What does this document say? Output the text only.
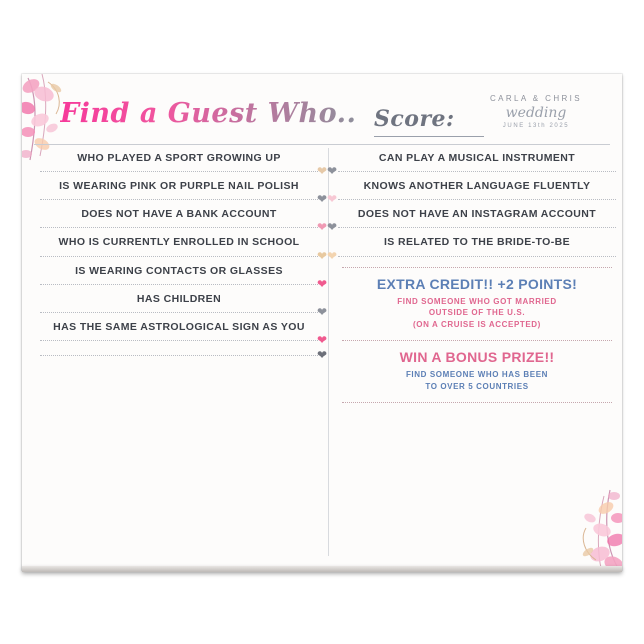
Find a Guest Who.. Score:
CARLA & CHRIS
wedding
JUNE 13th 2025
WHO PLAYED A SPORT GROWING UP
❤
IS WEARING PINK OR PURPLE NAIL POLISH
❤
DOES NOT HAVE A BANK ACCOUNT
❤
WHO IS CURRENTLY ENROLLED IN SCHOOL
❤
IS WEARING CONTACTS OR GLASSES
❤
HAS CHILDREN
❤
HAS THE SAME ASTROLOGICAL SIGN AS YOU
❤
❤
CAN PLAY A MUSICAL INSTRUMENT
❤
KNOWS ANOTHER LANGUAGE FLUENTLY
❤
DOES NOT HAVE AN INSTAGRAM ACCOUNT
❤
IS RELATED TO THE BRIDE-TO-BE
❤
EXTRA CREDIT!! +2 POINTS!
FIND SOMEONE WHO GOT MARRIED
OUTSIDE OF THE U.S.
(ON A CRUISE IS ACCEPTED)
WIN A BONUS PRIZE!!
FIND SOMEONE WHO HAS BEEN
TO OVER 5 COUNTRIES
